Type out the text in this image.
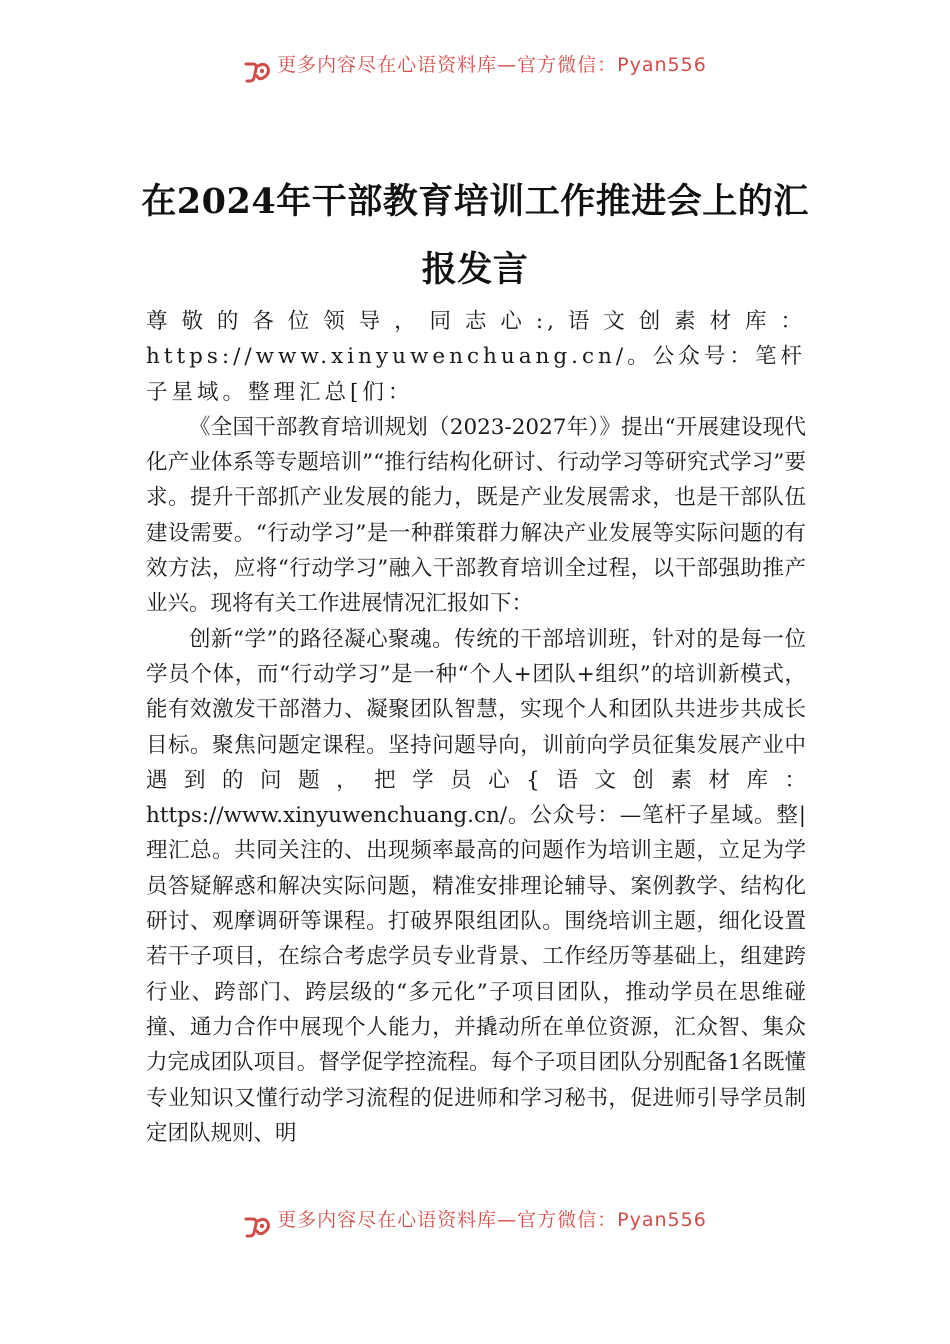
更多内容尽在心语资料库—官方微信：Pyan556
在2024年干部教育培训工作推进会上的汇报发言

尊敬的各位领导，同志心:,语文创素材库：https://www.xinyuwenchuang.cn/。公众号：笔杆子星域。整理汇总[们：

《全国干部教育培训规划（2023-2027年）》提出“开展建设现代化产业体系等专题培训”“推行结构化研讨、行动学习等研究式学习”要求。提升干部抓产业发展的能力，既是产业发展需求，也是干部队伍建设需要。“行动学习”是一种群策群力解决产业发展等实际问题的有效方法，应将“行动学习”融入干部教育培训全过程，以干部强助推产业兴。现将有关工作进展情况汇报如下：

创新“学”的路径凝心聚魂。传统的干部培训班，针对的是每一位学员个体，而“行动学习”是一种“个人+团队+组织”的培训新模式，能有效激发干部潜力、凝聚团队智慧，实现个人和团队共进步共成长目标。聚焦问题定课程。坚持问题导向，训前向学员征集发展产业中遇到的问题，把学员心{语文创素材库：https://www.xinyuwenchuang.cn/。公众号：—笔杆子星域。整|理汇总。共同关注的、出现频率最高的问题作为培训主题，立足为学员答疑解惑和解决实际问题，精准安排理论辅导、案例教学、结构化研讨、观摩调研等课程。打破界限组团队。围绕培训主题，细化设置若干子项目，在综合考虑学员专业背景、工作经历等基础上，组建跨行业、跨部门、跨层级的“多元化”子项目团队，推动学员在思维碰撞、通力合作中展现个人能力，并撬动所在单位资源，汇众智、集众力完成团队项目。督学促学控流程。每个子项目团队分别配备1名既懂专业知识又懂行动学习流程的促进师和学习秘书，促进师引导学员制定团队规则、明

更多内容尽在心语资料库—官方微信：Pyan556
